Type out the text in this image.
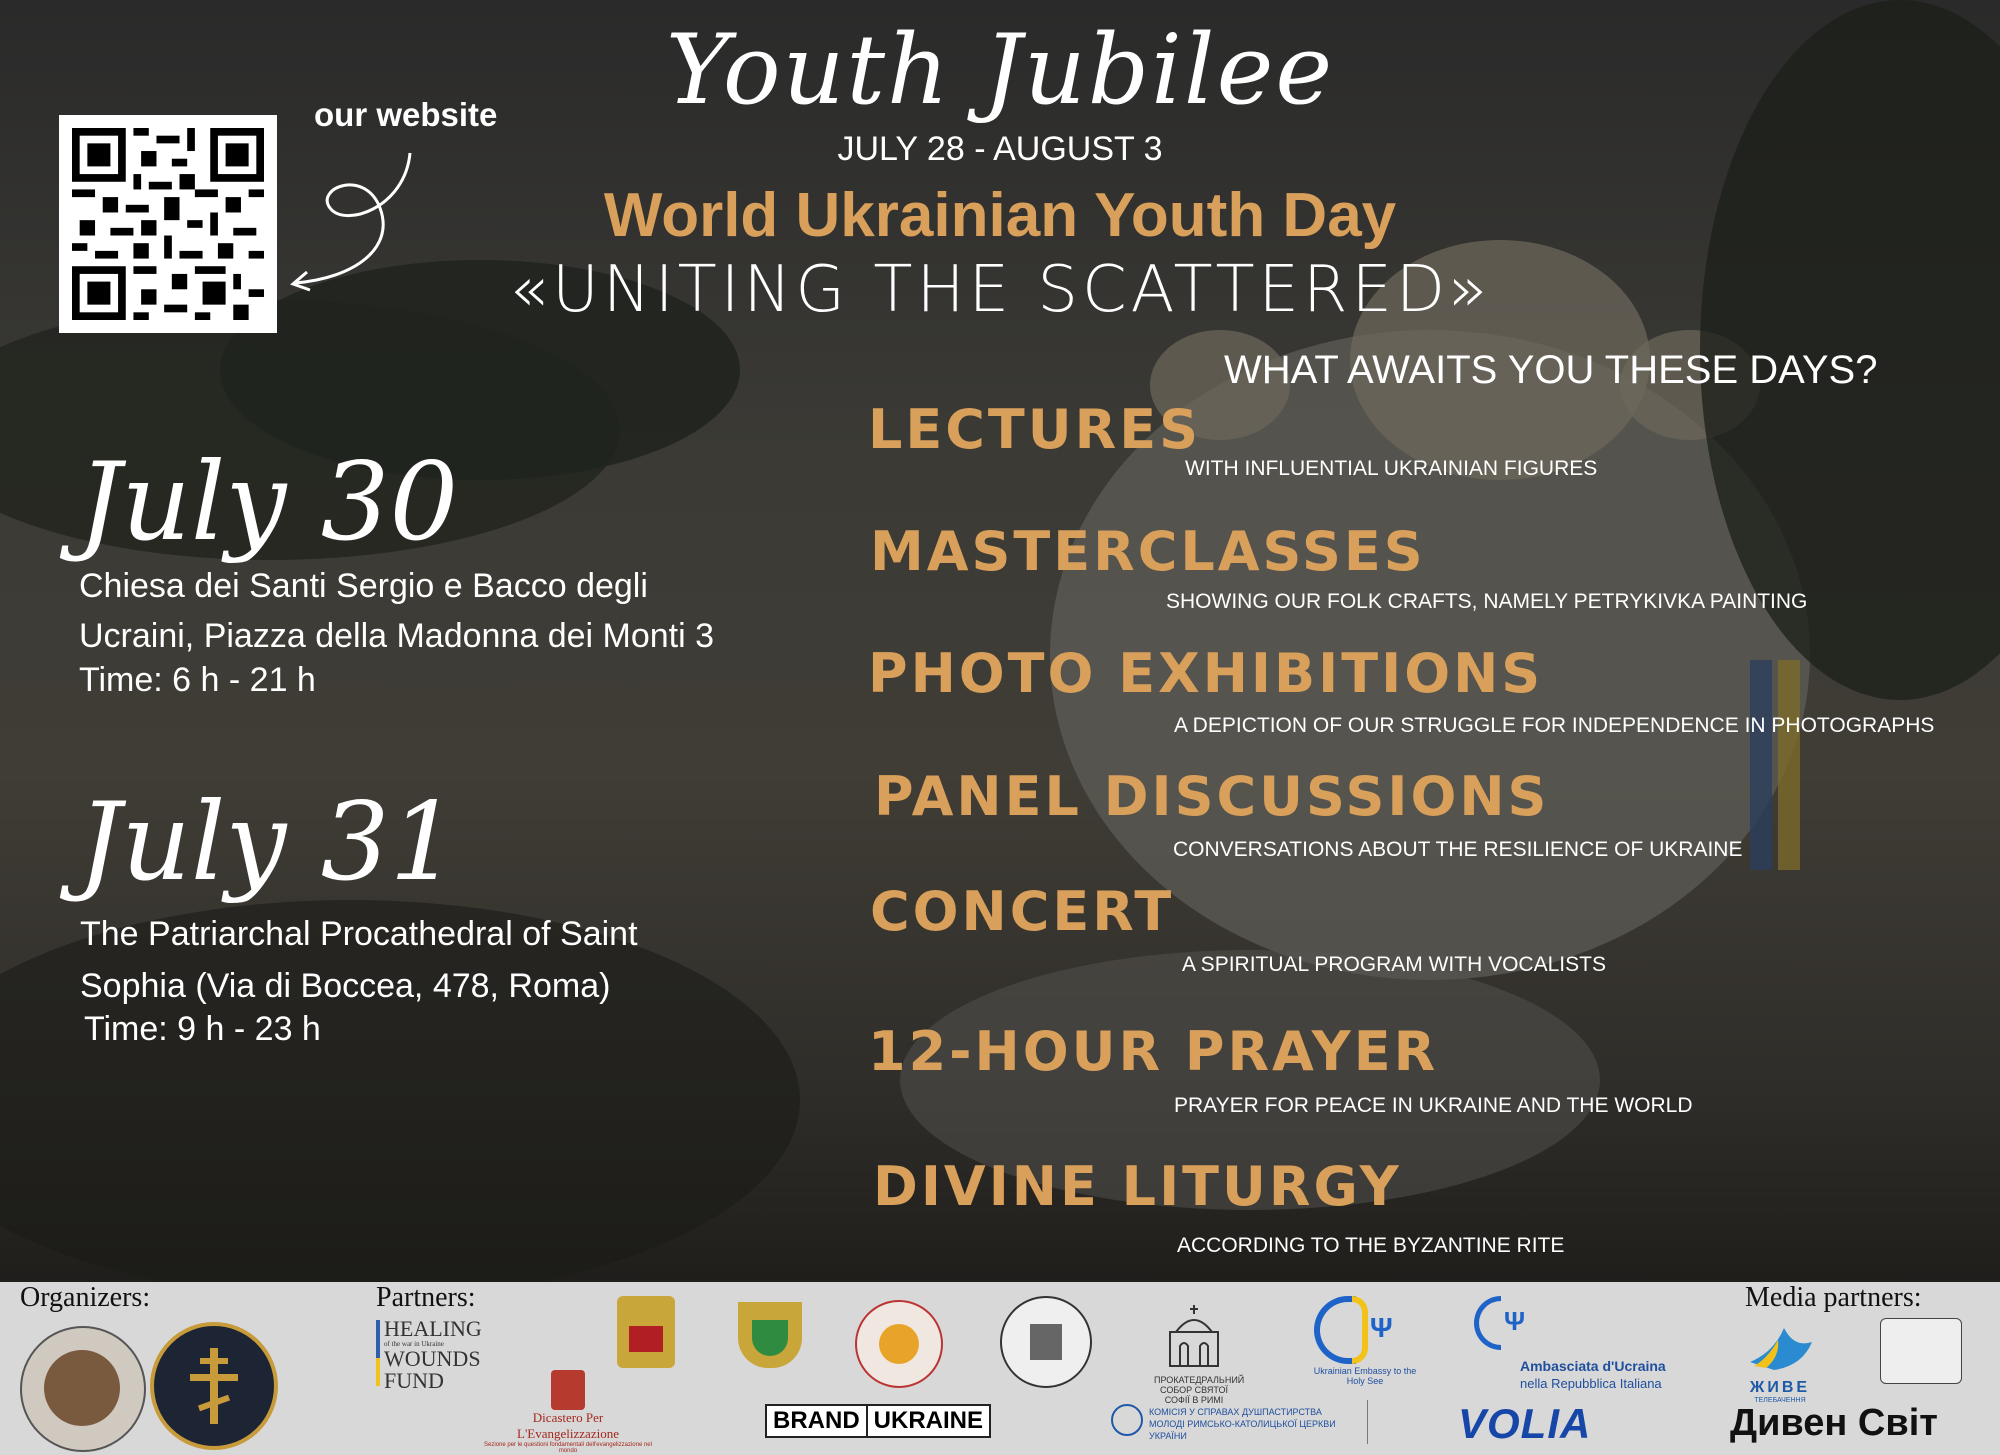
Youth Jubilee
JULY 28 - AUGUST 3
World Ukrainian Youth Day
«UNITING THE SCATTERED»
our website
WHAT AWAITS YOU THESE DAYS?
July 30
Chiesa dei Santi Sergio e Bacco degli
Ucraini, Piazza della Madonna dei Monti 3
Time: 6 h - 21 h
July 31
The Patriarchal Procathedral of Saint
Sophia (Via di Boccea, 478, Roma)
Time: 9 h - 23 h
LECTURES
WITH INFLUENTIAL UKRAINIAN FIGURES
MASTERCLASSES
SHOWING OUR FOLK CRAFTS, NAMELY PETRYKIVKA PAINTING
PHOTO EXHIBITIONS
A DEPICTION OF OUR STRUGGLE FOR INDEPENDENCE IN PHOTOGRAPHS
PANEL DISCUSSIONS
CONVERSATIONS ABOUT THE RESILIENCE OF UKRAINE
CONCERT
A SPIRITUAL PROGRAM WITH VOCALISTS
12-HOUR PRAYER
PRAYER FOR PEACE IN UKRAINE AND THE WORLD
DIVINE LITURGY
ACCORDING TO THE BYZANTINE RITE
Organizers:	Partners:
HEALING
of the war in Ukraine
WOUNDS
FUND
Dicastero Per L'Evangelizzazione
Sezione per le questioni fondamentali dell'evangelizzazione nel mondo
ПРОКАТЕДРАЛЬНИЙ СОБОР СВЯТОЇ СОФІЇ В РИМІ
Ψ
Ukrainian Embassy to the Holy See
Ψ
Ambasciata d'Ucraina
nella Repubblica Italiana
BRAND UKRAINE	КОМІСІЯ У СПРАВАХ ДУШПАСТИРСТВА МОЛОДІ РИМСЬКО-КАТОЛИЦЬКОЇ ЦЕРКВИ УКРАЇНИ	VOLIA
Media partners:
ЖИВЕ
ТЕЛЕБАЧЕННЯ
Дивен Світ
